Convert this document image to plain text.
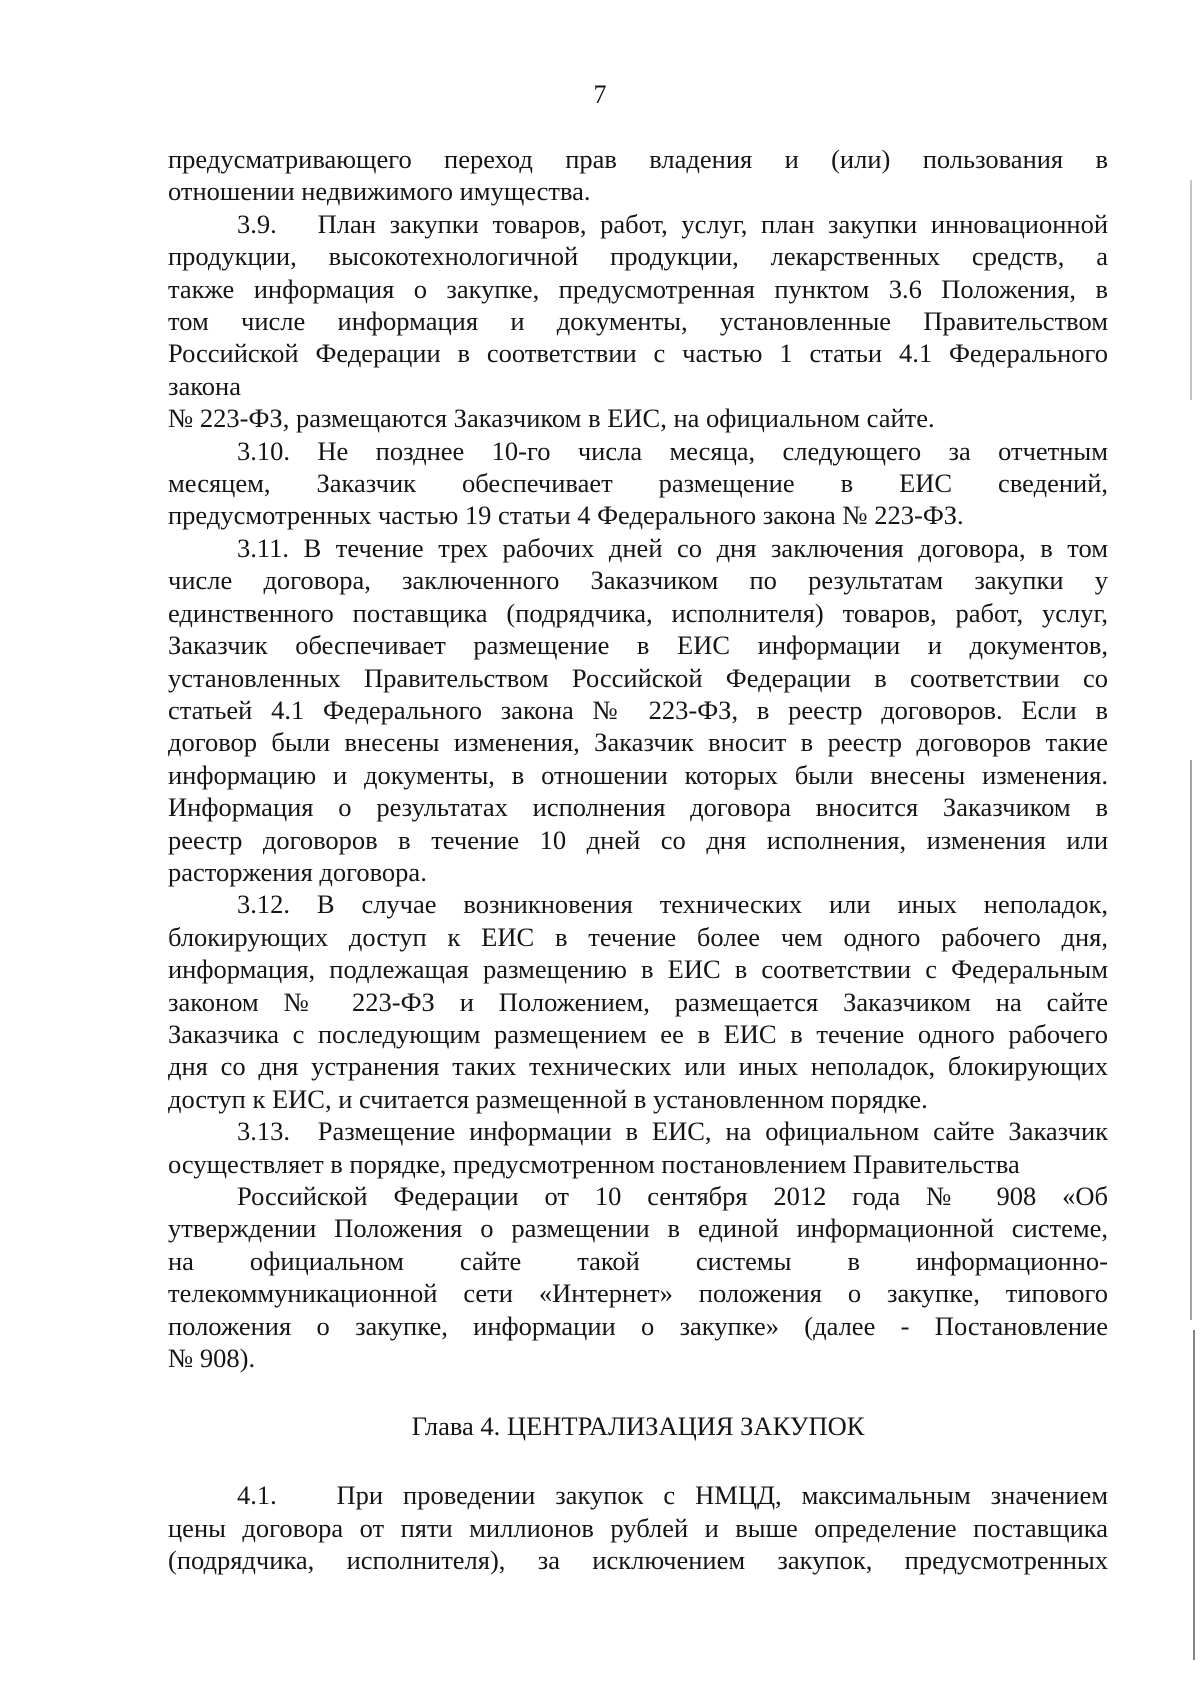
7
предусматривающего переход прав владения и (или) пользования в
отношении недвижимого имущества.
3.9. План закупки товаров, работ, услуг, план закупки инновационной
продукции, высокотехнологичной продукции, лекарственных средств, а
также информация о закупке, предусмотренная пунктом 3.6 Положения, в
том числе информация и документы, установленные Правительством
Российской Федерации в соответствии с частью 1 статьи 4.1 Федерального
закона
№ 223-ФЗ, размещаются Заказчиком в ЕИС, на официальном сайте.
3.10. Не позднее 10-го числа месяца, следующего за отчетным
месяцем, Заказчик обеспечивает размещение в ЕИС сведений,
предусмотренных частью 19 статьи 4 Федерального закона № 223-ФЗ.
3.11. В течение трех рабочих дней со дня заключения договора, в том
числе договора, заключенного Заказчиком по результатам закупки у
единственного поставщика (подрядчика, исполнителя) товаров, работ, услуг,
Заказчик обеспечивает размещение в ЕИС информации и документов,
установленных Правительством Российской Федерации в соответствии со
статьей 4.1 Федерального закона № 223-ФЗ, в реестр договоров. Если в
договор были внесены изменения, Заказчик вносит в реестр договоров такие
информацию и документы, в отношении которых были внесены изменения.
Информация о результатах исполнения договора вносится Заказчиком в
реестр договоров в течение 10 дней со дня исполнения, изменения или
расторжения договора.
3.12. В случае возникновения технических или иных неполадок,
блокирующих доступ к ЕИС в течение более чем одного рабочего дня,
информация, подлежащая размещению в ЕИС в соответствии с Федеральным
законом № 223-ФЗ и Положением, размещается Заказчиком на сайте
Заказчика с последующим размещением ее в ЕИС в течение одного рабочего
дня со дня устранения таких технических или иных неполадок, блокирующих
доступ к ЕИС, и считается размещенной в установленном порядке.
3.13. Размещение информации в ЕИС, на официальном сайте Заказчик
осуществляет в порядке, предусмотренном постановлением Правительства
Российской Федерации от 10 сентября 2012 года № 908 «Об
утверждении Положения о размещении в единой информационной системе,
на официальном сайте такой системы в информационно-
телекоммуникационной сети «Интернет» положения о закупке, типового
положения о закупке, информации о закупке» (далее - Постановление
№ 908).
Глава 4. ЦЕНТРАЛИЗАЦИЯ ЗАКУПОК
4.1. При проведении закупок с НМЦД, максимальным значением
цены договора от пяти миллионов рублей и выше определение поставщика
(подрядчика, исполнителя), за исключением закупок, предусмотренных
